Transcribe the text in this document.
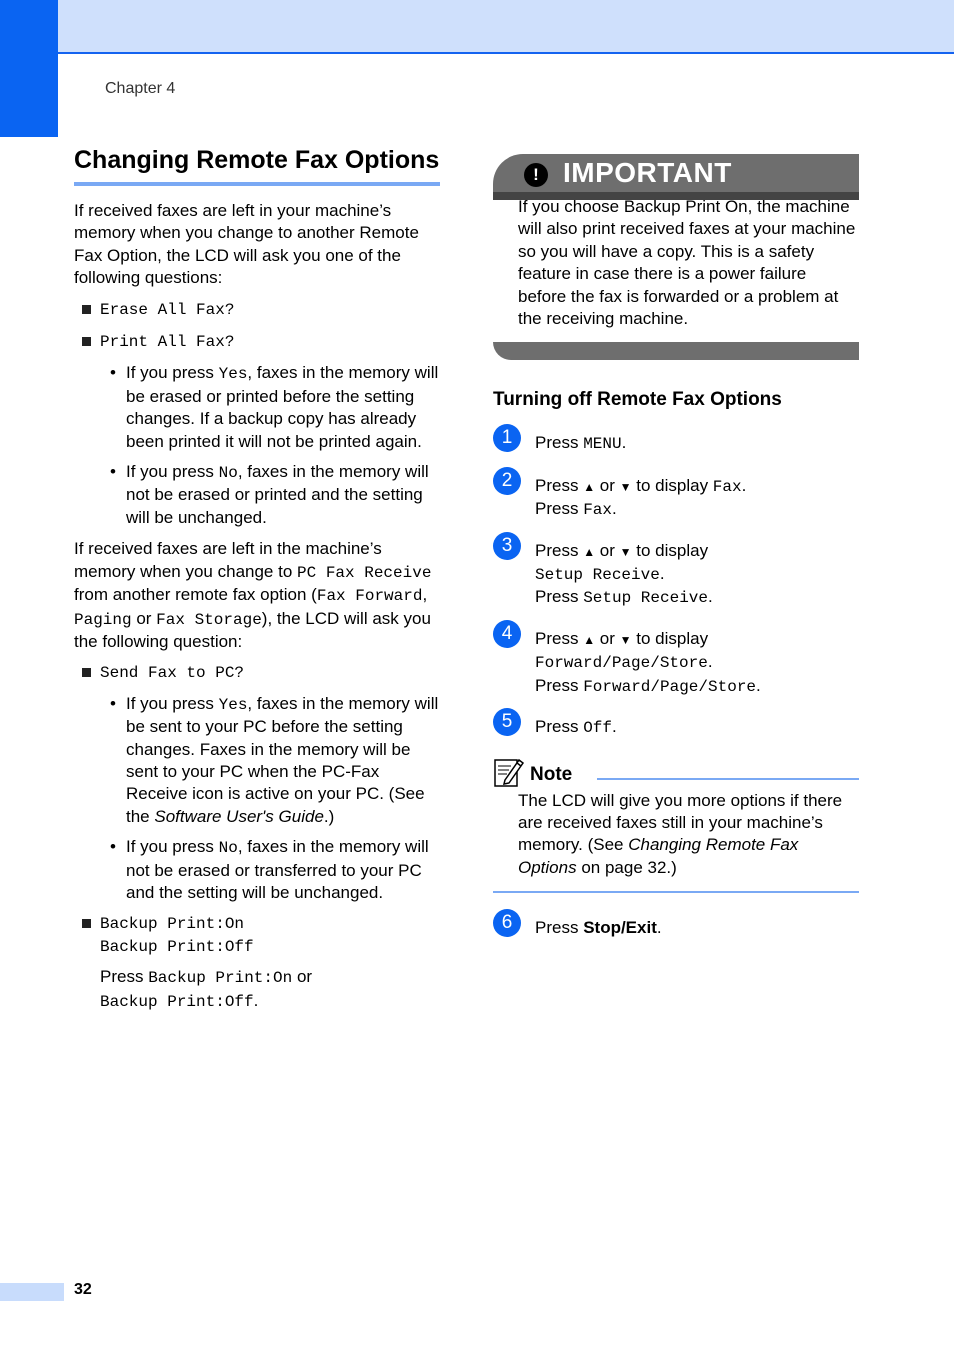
Chapter 4
Changing Remote Fax Options

If received faxes are left in your machine’s memory when you change to another Remote Fax Option, the LCD will ask you one of the following questions:

Erase All Fax?
Print All Fax?
• If you press Yes, faxes in the memory will be erased or printed before the setting changes. If a backup copy has already been printed it will not be printed again.
• If you press No, faxes in the memory will not be erased or printed and the setting will be unchanged.

If received faxes are left in the machine’s memory when you change to PC Fax Receive from another remote fax option (Fax Forward, Paging or Fax Storage), the LCD will ask you the following question:

Send Fax to PC?
• If you press Yes, faxes in the memory will be sent to your PC before the setting changes. Faxes in the memory will be sent to your PC when the PC-Fax Receive icon is active on your PC. (See the Software User's Guide.)
• If you press No, faxes in the memory will not be erased or transferred to your PC and the setting will be unchanged.
Backup Print:On
Backup Print:Off

Press Backup Print:On or
Backup Print:Off.

! IMPORTANT

If you choose Backup Print On, the machine will also print received faxes at your machine so you will have a copy. This is a safety feature in case there is a power failure before the fax is forwarded or a problem at the receiving machine.

Turning off Remote Fax Options
1	Press MENU.
2	Press ▲ or ▼ to display Fax.
Press Fax.
3	Press ▲ or ▼ to display
Setup Receive.
Press Setup Receive.
4	Press ▲ or ▼ to display
Forward/Page/Store.
Press Forward/Page/Store.
5	Press Off.
Note

The LCD will give you more options if there are received faxes still in your machine’s memory. (See Changing Remote Fax Options on page 32.)

6	Press Stop/Exit.
32
